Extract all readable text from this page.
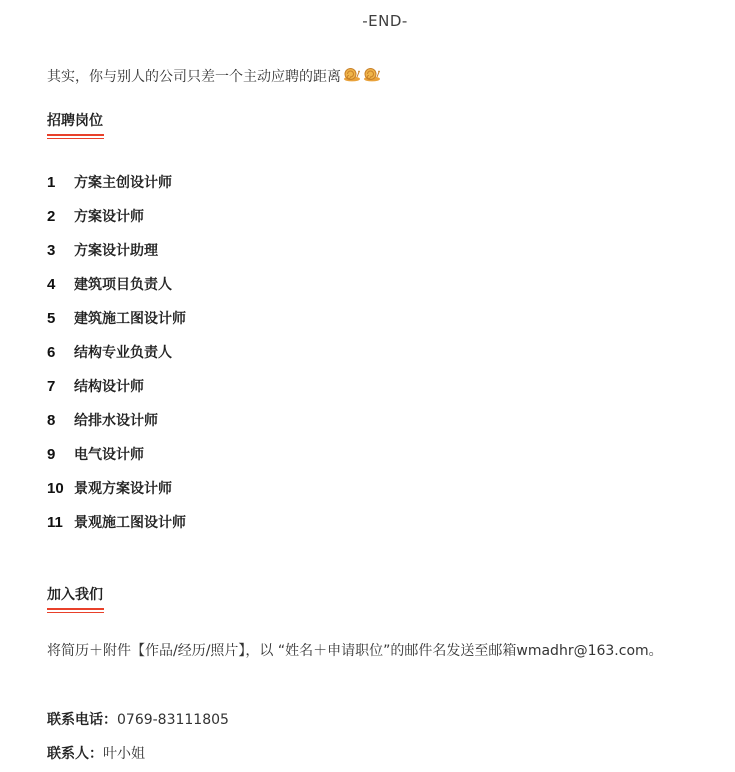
-END-
其实，你与别人的公司只差一个主动应聘的距离
招聘岗位
1	方案主创设计师
2	方案设计师
3	方案设计助理
4	建筑项目负责人
5	建筑施工图设计师
6	结构专业负责人
7	结构设计师
8	给排水设计师
9	电气设计师
10 景观方案设计师
11 景观施工图设计师
加入我们
将简历＋附件【作品/经历/照片】，以 “姓名＋申请职位”的邮件名发送至邮箱wmadhr@163.com。
联系电话：0769-83111805
联系人：叶小姐
